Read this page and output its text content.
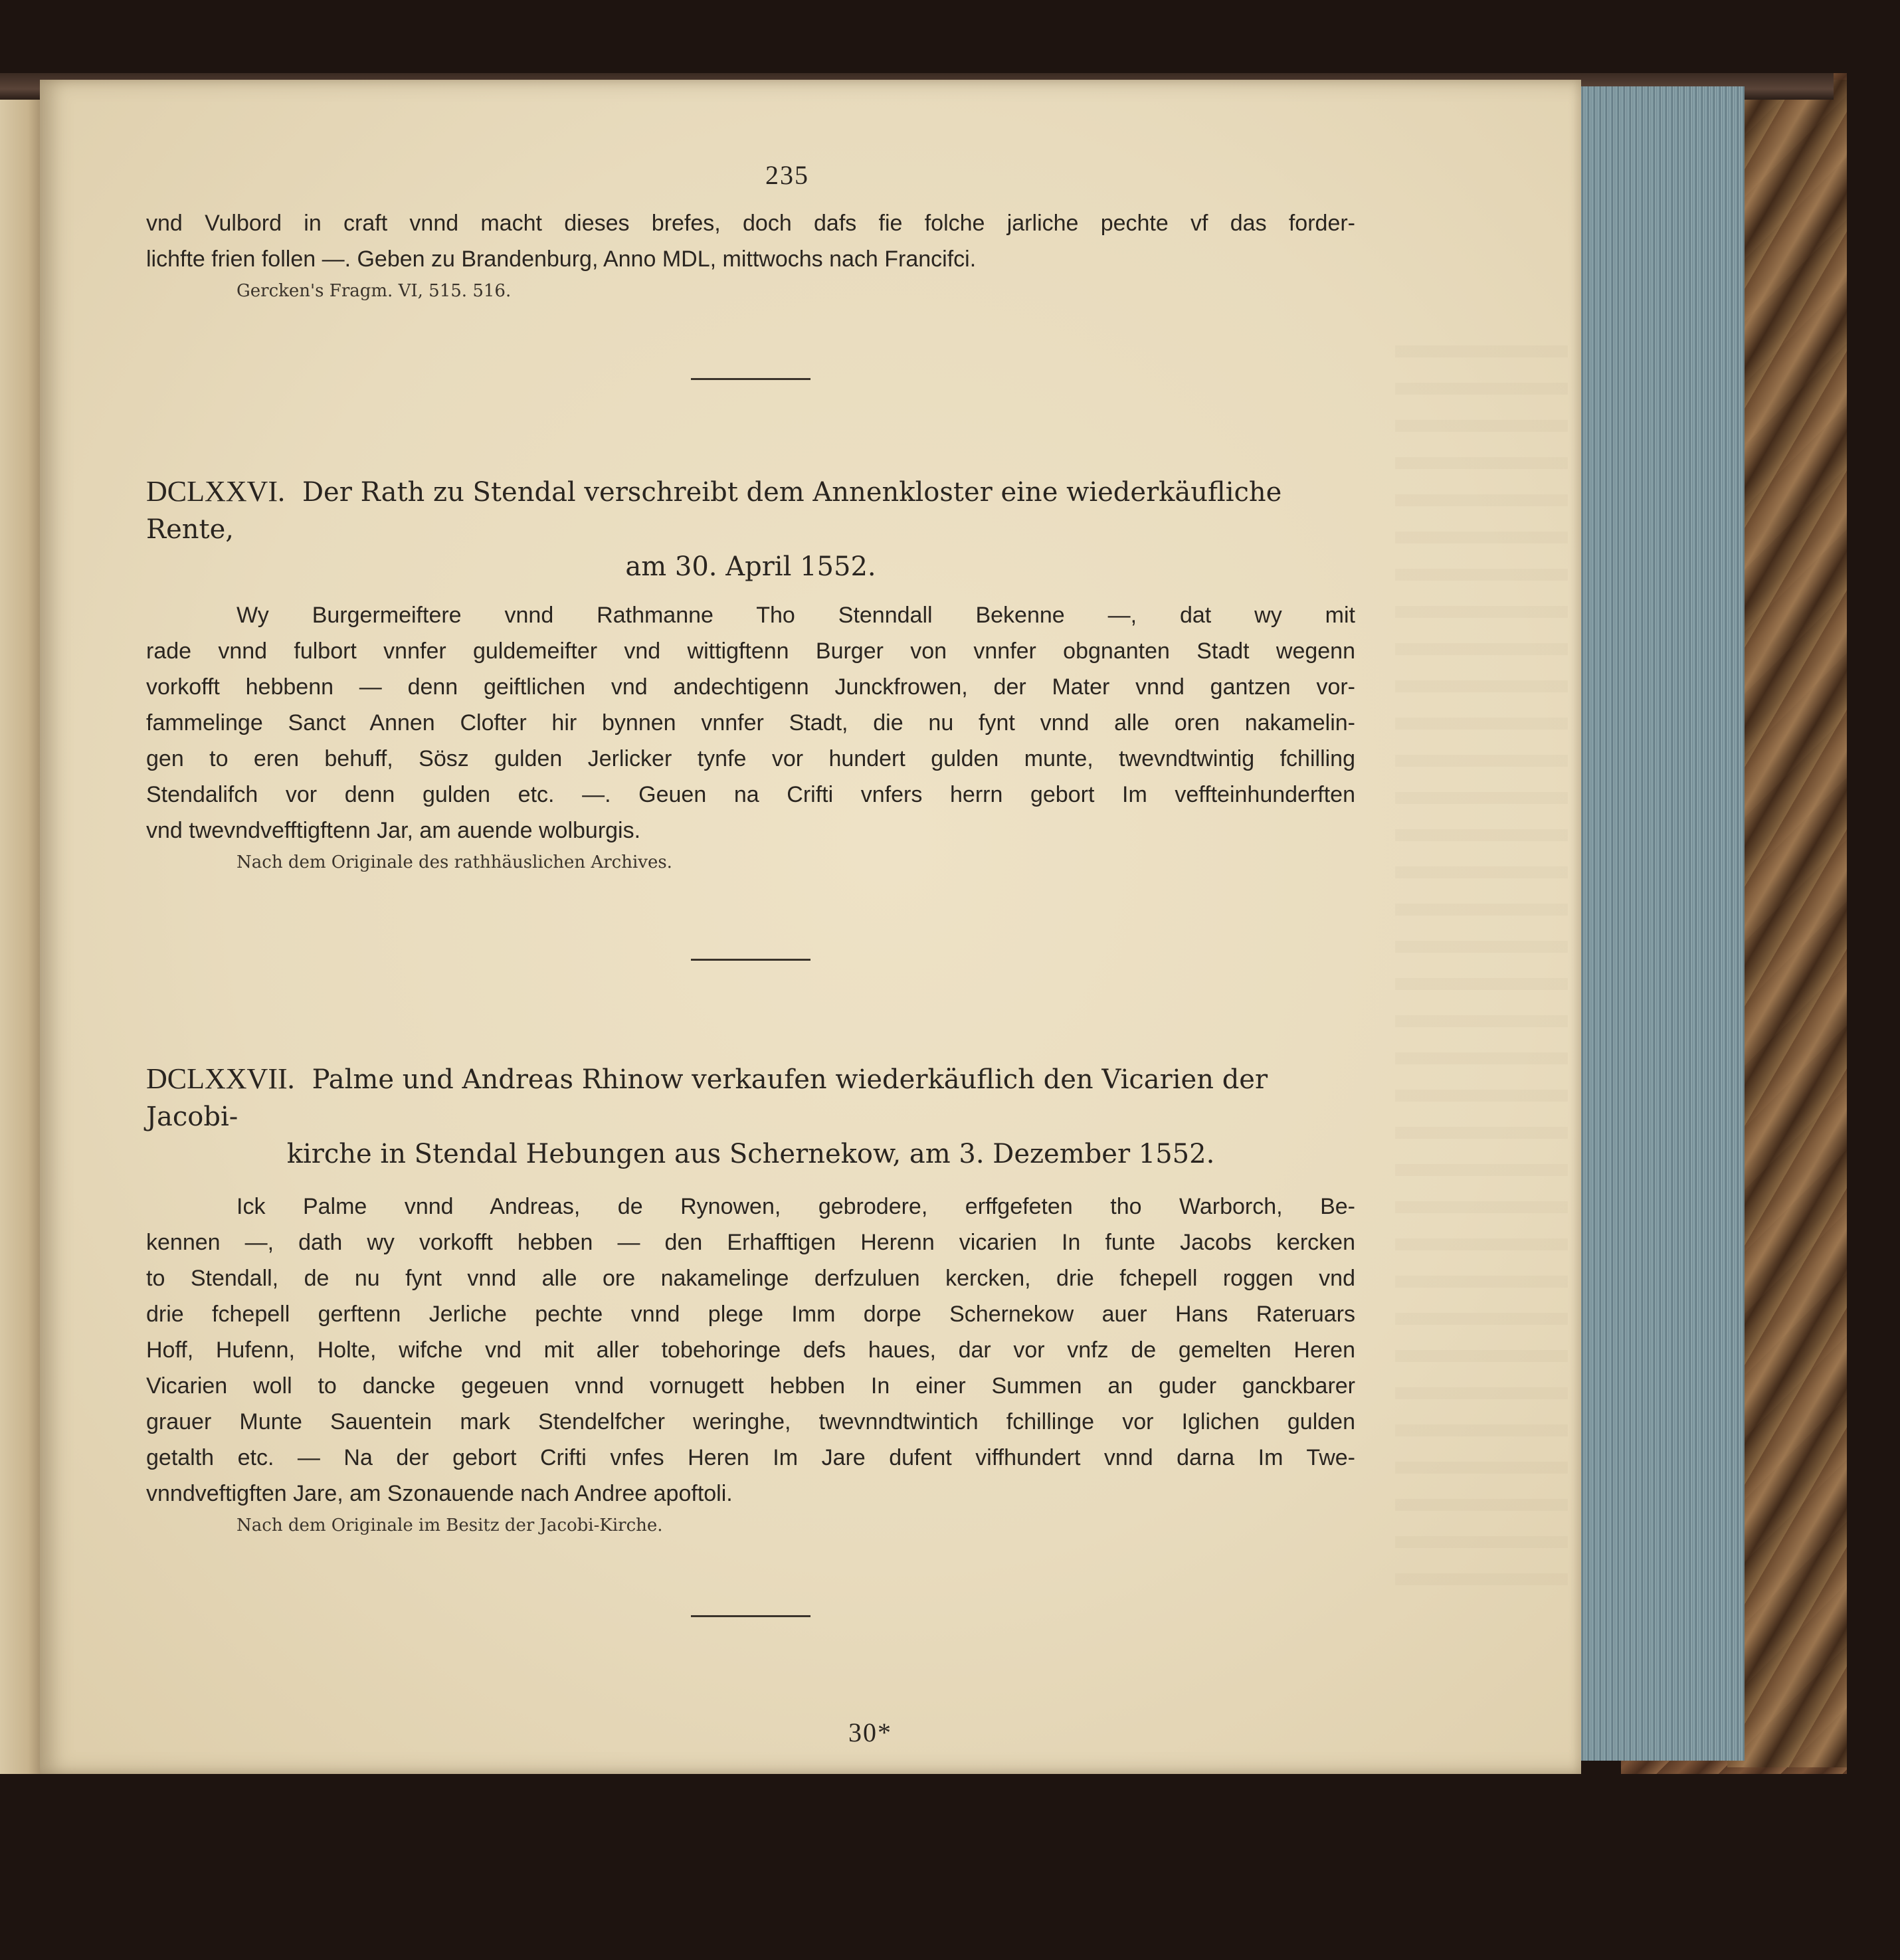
235
vnd Vulbord in craft vnnd macht dieses brefes, doch dafs fie folche jarliche pechte vf das forder-
lichfte frien follen —. Geben zu Brandenburg, Anno MDL, mittwochs nach Francifci.
Gercken's Fragm. VI, 515. 516.
DCLXXVI. Der Rath zu Stendal verschreibt dem Annenkloster eine wiederkäufliche Rente,
am 30. April 1552.
Wy Burgermeiftere vnnd Rathmanne Tho Stenndall Bekenne —, dat wy mit
rade vnnd fulbort vnnfer guldemeifter vnd wittigftenn Burger von vnnfer obgnanten Stadt wegenn
vorkofft hebbenn — denn geiftlichen vnd andechtigenn Junckfrowen, der Mater vnnd gantzen vor-
fammelinge Sanct Annen Clofter hir bynnen vnnfer Stadt, die nu fynt vnnd alle oren nakamelin-
gen to eren behuff, Sösz gulden Jerlicker tynfe vor hundert gulden munte, twevndtwintig fchilling
Stendalifch vor denn gulden etc. —. Geuen na Crifti vnfers herrn gebort Im veffteinhunderften
vnd twevndvefftigftenn Jar, am auende wolburgis.
Nach dem Originale des rathhäuslichen Archives.
DCLXXVII. Palme und Andreas Rhinow verkaufen wiederkäuflich den Vicarien der Jacobi-
kirche in Stendal Hebungen aus Schernekow, am 3. Dezember 1552.
Ick Palme vnnd Andreas, de Rynowen, gebrodere, erffgefeten tho Warborch, Be-
kennen —, dath wy vorkofft hebben — den Erhafftigen Herenn vicarien In funte Jacobs kercken
to Stendall, de nu fynt vnnd alle ore nakamelinge derfzuluen kercken, drie fchepell roggen vnd
drie fchepell gerftenn Jerliche pechte vnnd plege Imm dorpe Schernekow auer Hans Rateruars
Hoff, Hufenn, Holte, wifche vnd mit aller tobehoringe defs haues, dar vor vnfz de gemelten Heren
Vicarien woll to dancke gegeuen vnnd vornugett hebben In einer Summen an guder ganckbarer
grauer Munte Sauentein mark Stendelfcher weringhe, twevnndtwintich fchillinge vor Iglichen gulden
getalth etc. — Na der gebort Crifti vnfes Heren Im Jare dufent viffhundert vnnd darna Im Twe-
vnndveftigften Jare, am Szonauende nach Andree apoftoli.
Nach dem Originale im Besitz der Jacobi-Kirche.
30*
